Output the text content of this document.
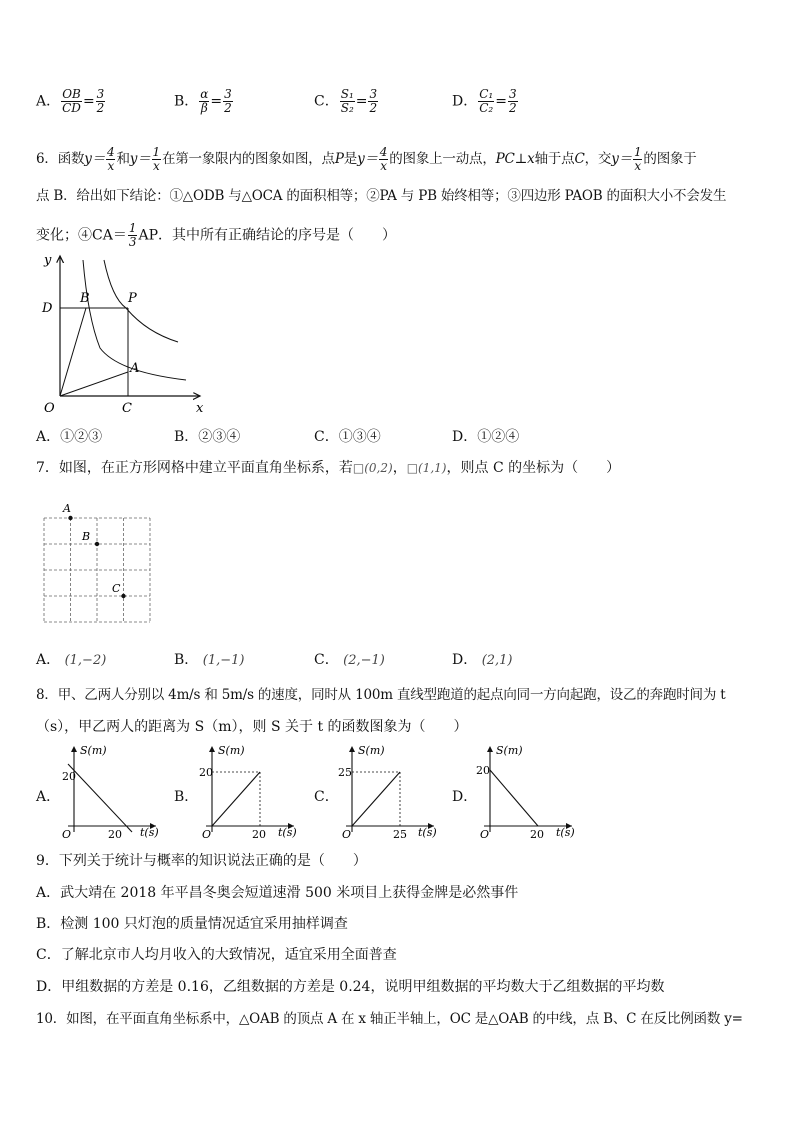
A． $\frac{OB}{CD} = \frac{3}{2}$	B． $\frac{\alpha}{\beta} = \frac{3}{2}$	C． $\frac{\text{S₁}}{\text{S₂}} = \frac{3}{2}$	D． $\frac{\text{C₁}}{\text{C₂}} = \frac{3}{2}$
6．函数$y= \frac{4}{x}$ 和$y= \frac{1}{x}$ 在第一象限内的图象如图，点P是$y= \frac{4}{x}$ 的图象上一动点，PC⊥x轴于点C，交$y= \frac{1}{x}$ 的图象于
点 B．给出如下结论：①△ODB 与△OCA 的面积相等；②PA 与 PB 始终相等；③四边形 PAOB 的面积大小不会发生
变化；④CA＝ $\frac{1}{3}$ AP．其中所有正确结论的序号是（　　）
y
x
D
B	P
A
O	C
A．①②③	B．②③④	C．①③④	D．①②④
7．如图，在正方形网格中建立平面直角坐标系，若□(0,2)，□(1,1)，则点 C 的坐标为（　　）
A
B
C
A． (1,−2)	B． (1,−1)	C． (2,−1)	D． (2,1)
8．甲、乙两人分别以 4m/s 和 5m/s 的速度，同时从 100m 直线型跑道的起点向同一方向起跑，设乙的奔跑时间为 t
（s），甲乙两人的距离为 S（m），则 S 关于 t 的函数图象为（　　）
A．
S(m)
t(s)
20
O	20
B．
S(m)
t(s)
20
O	20
C．
S(m)
t(s)
25
O	25
D．
S(m)
t(s)
20
O	20
9．下列关于统计与概率的知识说法正确的是（　　）
A．武大靖在 2018 年平昌冬奥会短道速滑 500 米项目上获得金牌是必然事件
B．检测 100 只灯泡的质量情况适宜采用抽样调查
C．了解北京市人均月收入的大致情况，适宜采用全面普查
D．甲组数据的方差是 0.16，乙组数据的方差是 0.24，说明甲组数据的平均数大于乙组数据的平均数
10．如图，在平面直角坐标系中，△OAB 的顶点 A 在 x 轴正半轴上，OC 是△OAB 的中线，点 B、C 在反比例函数 y=
